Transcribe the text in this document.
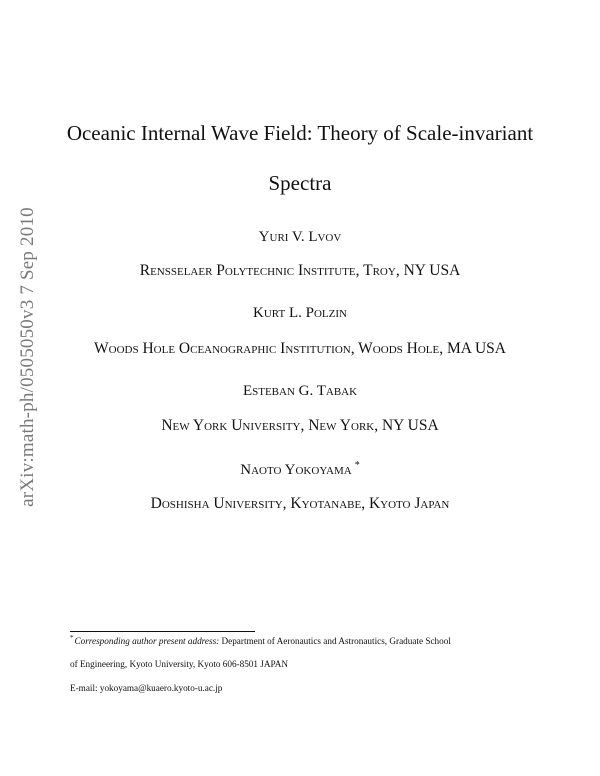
arXiv:math-ph/0505050v3 7 Sep 2010
Oceanic Internal Wave Field: Theory of Scale-invariant
Spectra
Yuri V. Lvov
Rensselaer Polytechnic Institute, Troy, NY USA
Kurt L. Polzin
Woods Hole Oceanographic Institution, Woods Hole, MA USA
Esteban G. Tabak
New York University, New York, NY USA
Naoto Yokoyama *
Doshisha University, Kyotanabe, Kyoto Japan
*Corresponding author present address: Department of Aeronautics and Astronautics, Graduate School
of Engineering, Kyoto University, Kyoto 606-8501 JAPAN
E-mail: yokoyama@kuaero.kyoto-u.ac.jp
